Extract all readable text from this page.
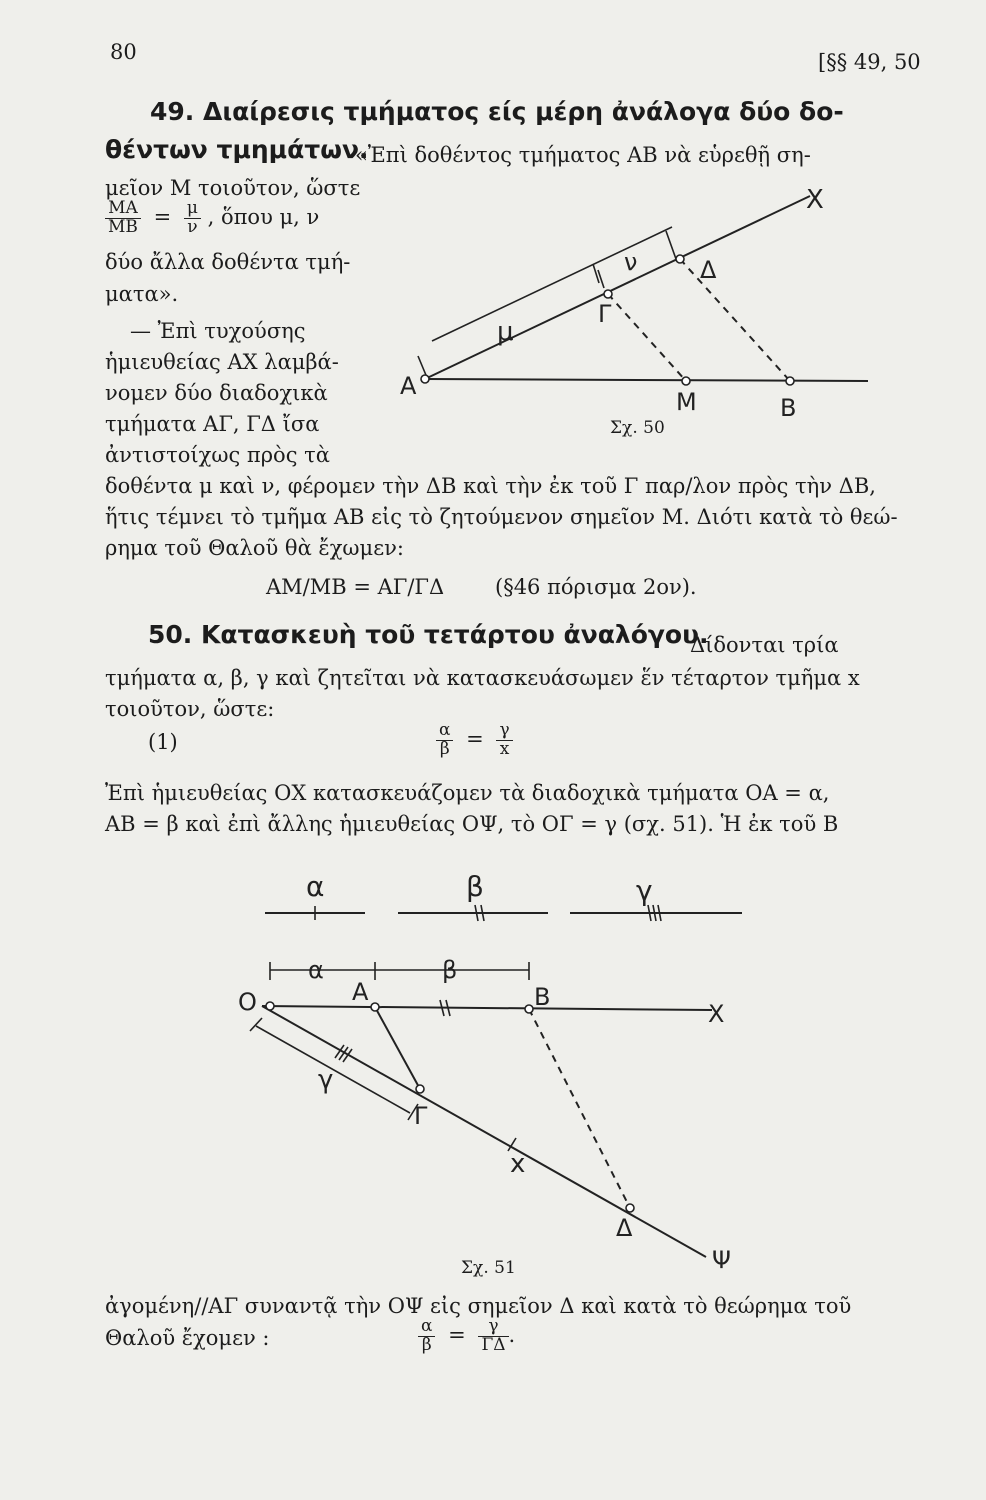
80	[§§ 49, 50
49. Διαίρεσις τμήματος είς μέρη ἀνάλογα δύο δο-
θέντων τμημάτων.
«Ἐπὶ δοθέντος τμήματος ΑΒ νὰ εὑρεθῇ ση-
μεῖον Μ τοιοῦτον, ὥστε
$\frac{MA}{MB} = \frac{\mu}{\nu}$ , ὅπου μ, ν
δύο ἄλλα δοθέντα τμή-
ματα».
— Ἐπὶ τυχούσης
ἡμιευθείας ΑΧ λαμβά-
νομεν δύο διαδοχικὰ
τμήματα ΑΓ, ΓΔ ἴσα
ἀντιστοίχως πρὸς τὰ
δοθέντα μ καὶ ν, φέρομεν τὴν ΔΒ καὶ τὴν ἐκ τοῦ Γ παρ/λον πρὸς τὴν ΔΒ,
ἥτις τέμνει τὸ τμῆμα ΑΒ εἰς τὸ ζητούμενον σημεῖον Μ. Διότι κατὰ τὸ θεώ-
ρημα τοῦ Θαλοῦ θὰ ἔχωμεν:
ΑΜ/ΜΒ = ΑΓ/ΓΔ (§46 πόρισμα 2ον).
X
ν	Δ
Γ
μ
Α
Μ	Β
Σχ. 50
50. Κατασκευὴ τοῦ τετάρτου ἀναλόγου.
Δίδονται τρία
τμήματα α, β, γ καὶ ζητεῖται νὰ κατασκευάσωμεν ἕν τέταρτον τμῆμα x
τοιοῦτον, ὥστε:
(1)	$\frac{\alpha}{\beta} = \frac{\gamma}{x}$
Ἐπὶ ἡμιευθείας ΟΧ κατασκευάζομεν τὰ διαδοχικὰ τμήματα ΟΑ = α,
ΑΒ = β καὶ ἐπὶ ἄλλης ἡμιευθείας ΟΨ, τὸ ΟΓ = γ (σχ. 51). Ἡ ἐκ τοῦ Β
α	β	γ
α	β
Ο	Α	Β
X
γ
Γ
x
Δ
Ψ
Σχ. 51
ἀγομένη//ΑΓ συναντᾷ τὴν ΟΨ εἰς σημεῖον Δ καὶ κατὰ τὸ θεώρημα τοῦ
Θαλοῦ ἔχομεν :	$\frac{\alpha}{\beta} = \frac{\gamma}{\Gamma\Delta}$ .
